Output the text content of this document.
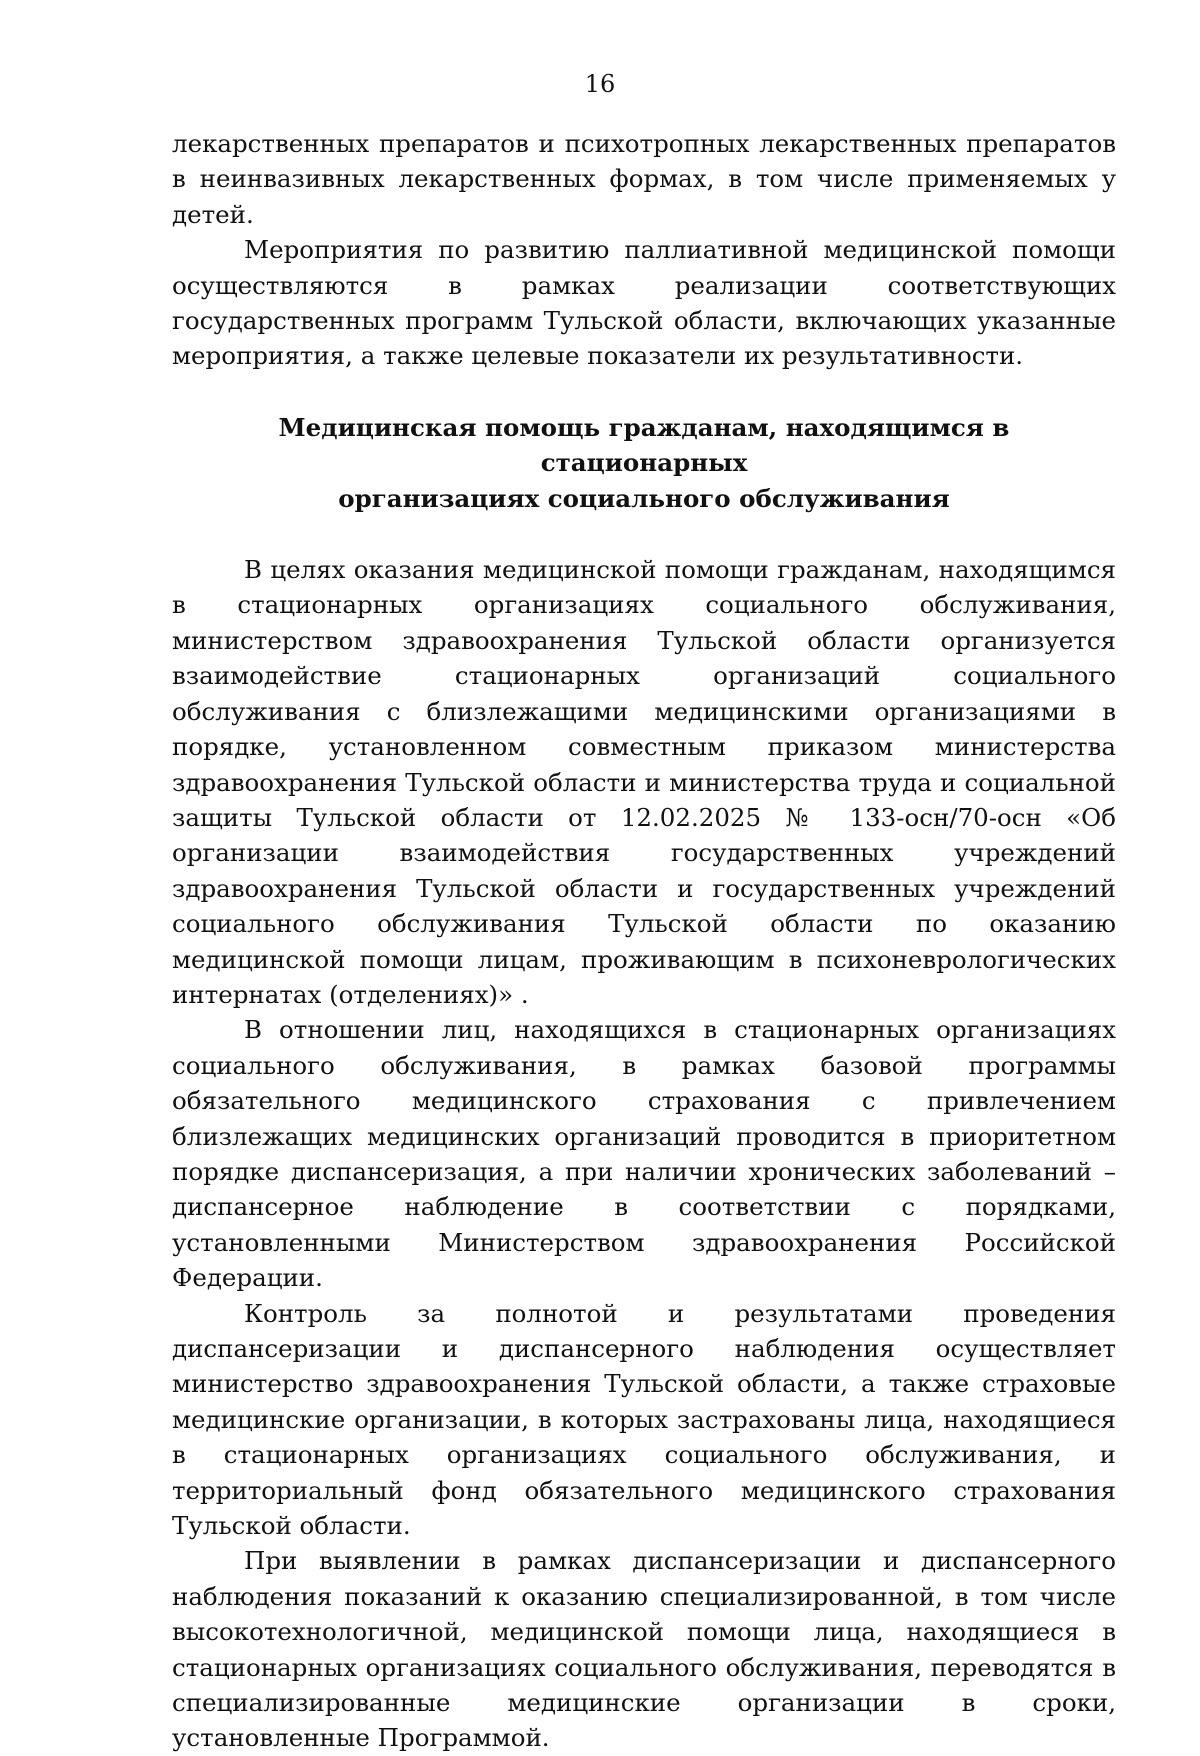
16

лекарственных препаратов и психотропных лекарственных препаратов в неинвазивных лекарственных формах, в том числе применяемых у детей.

Мероприятия по развитию паллиативной медицинской помощи осуществляются в рамках реализации соответствующих государственных программ Тульской области, включающих указанные мероприятия, а также целевые показатели их результативности.

Медицинская помощь гражданам, находящимся в стационарных

организациях социального обслуживания

В целях оказания медицинской помощи гражданам, находящимся в стационарных организациях социального обслуживания, министерством здравоохранения Тульской области организуется взаимодействие стационарных организаций социального обслуживания с близлежащими медицинскими организациями в порядке, установленном совместным приказом министерства здравоохранения Тульской области и министерства труда и социальной защиты Тульской области от 12.02.2025 № 133-осн/70-осн «Об организации взаимодействия государственных учреждений здравоохранения Тульской области и государственных учреждений социального обслуживания Тульской области по оказанию медицинской помощи лицам, проживающим в психоневрологических интернатах (отделениях)» .

В отношении лиц, находящихся в стационарных организациях социального обслуживания, в рамках базовой программы обязательного медицинского страхования с привлечением близлежащих медицинских организаций проводится в приоритетном порядке диспансеризация, а при наличии хронических заболеваний – диспансерное наблюдение в соответствии с порядками, установленными Министерством здравоохранения Российской Федерации.

Контроль за полнотой и результатами проведения диспансеризации и диспансерного наблюдения осуществляет министерство здравоохранения Тульской области, а также страховые медицинские организации, в которых застрахованы лица, находящиеся в стационарных организациях социального обслуживания, и территориальный фонд обязательного медицинского страхования Тульской области.

При выявлении в рамках диспансеризации и диспансерного наблюдения показаний к оказанию специализированной, в том числе высокотехнологичной, медицинской помощи лица, находящиеся в стационарных организациях социального обслуживания, переводятся в специализированные медицинские организации в сроки, установленные Программой.
